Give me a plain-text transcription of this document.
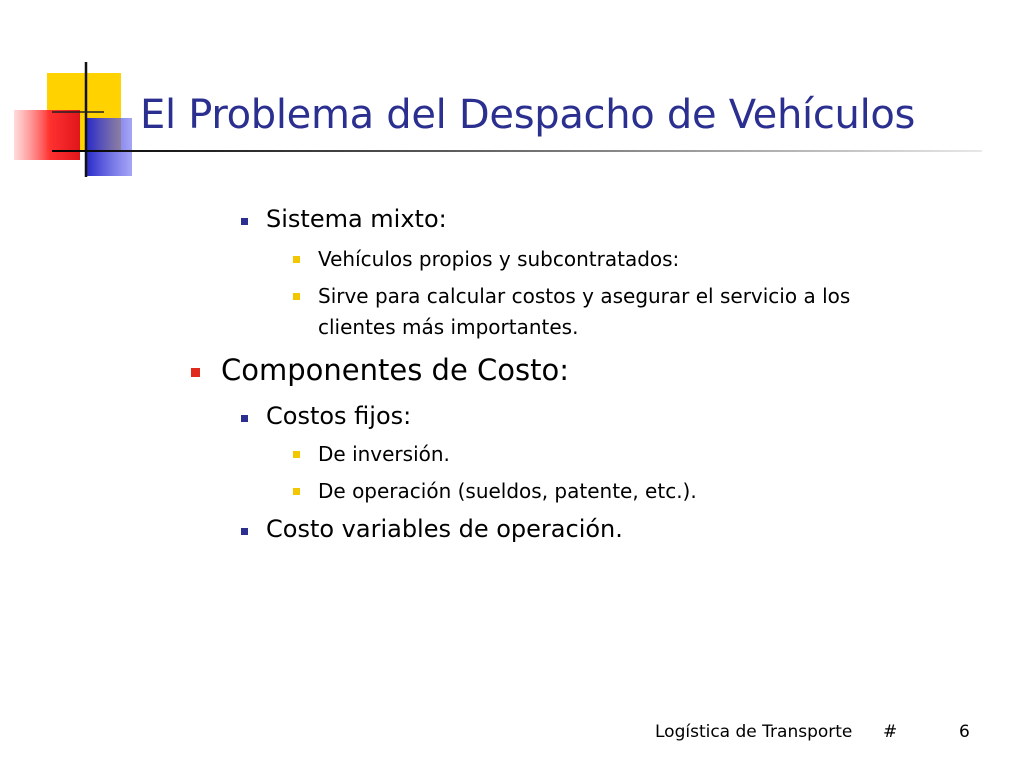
El Problema del Despacho de Vehículos
Sistema mixto:
Vehículos propios y subcontratados:
Sirve para calcular costos y asegurar el servicio a los
clientes más importantes.
Componentes de Costo:
Costos fijos:
De inversión.
De operación (sueldos, patente, etc.).
Costo variables de operación.
Logística de Transporte #	6
